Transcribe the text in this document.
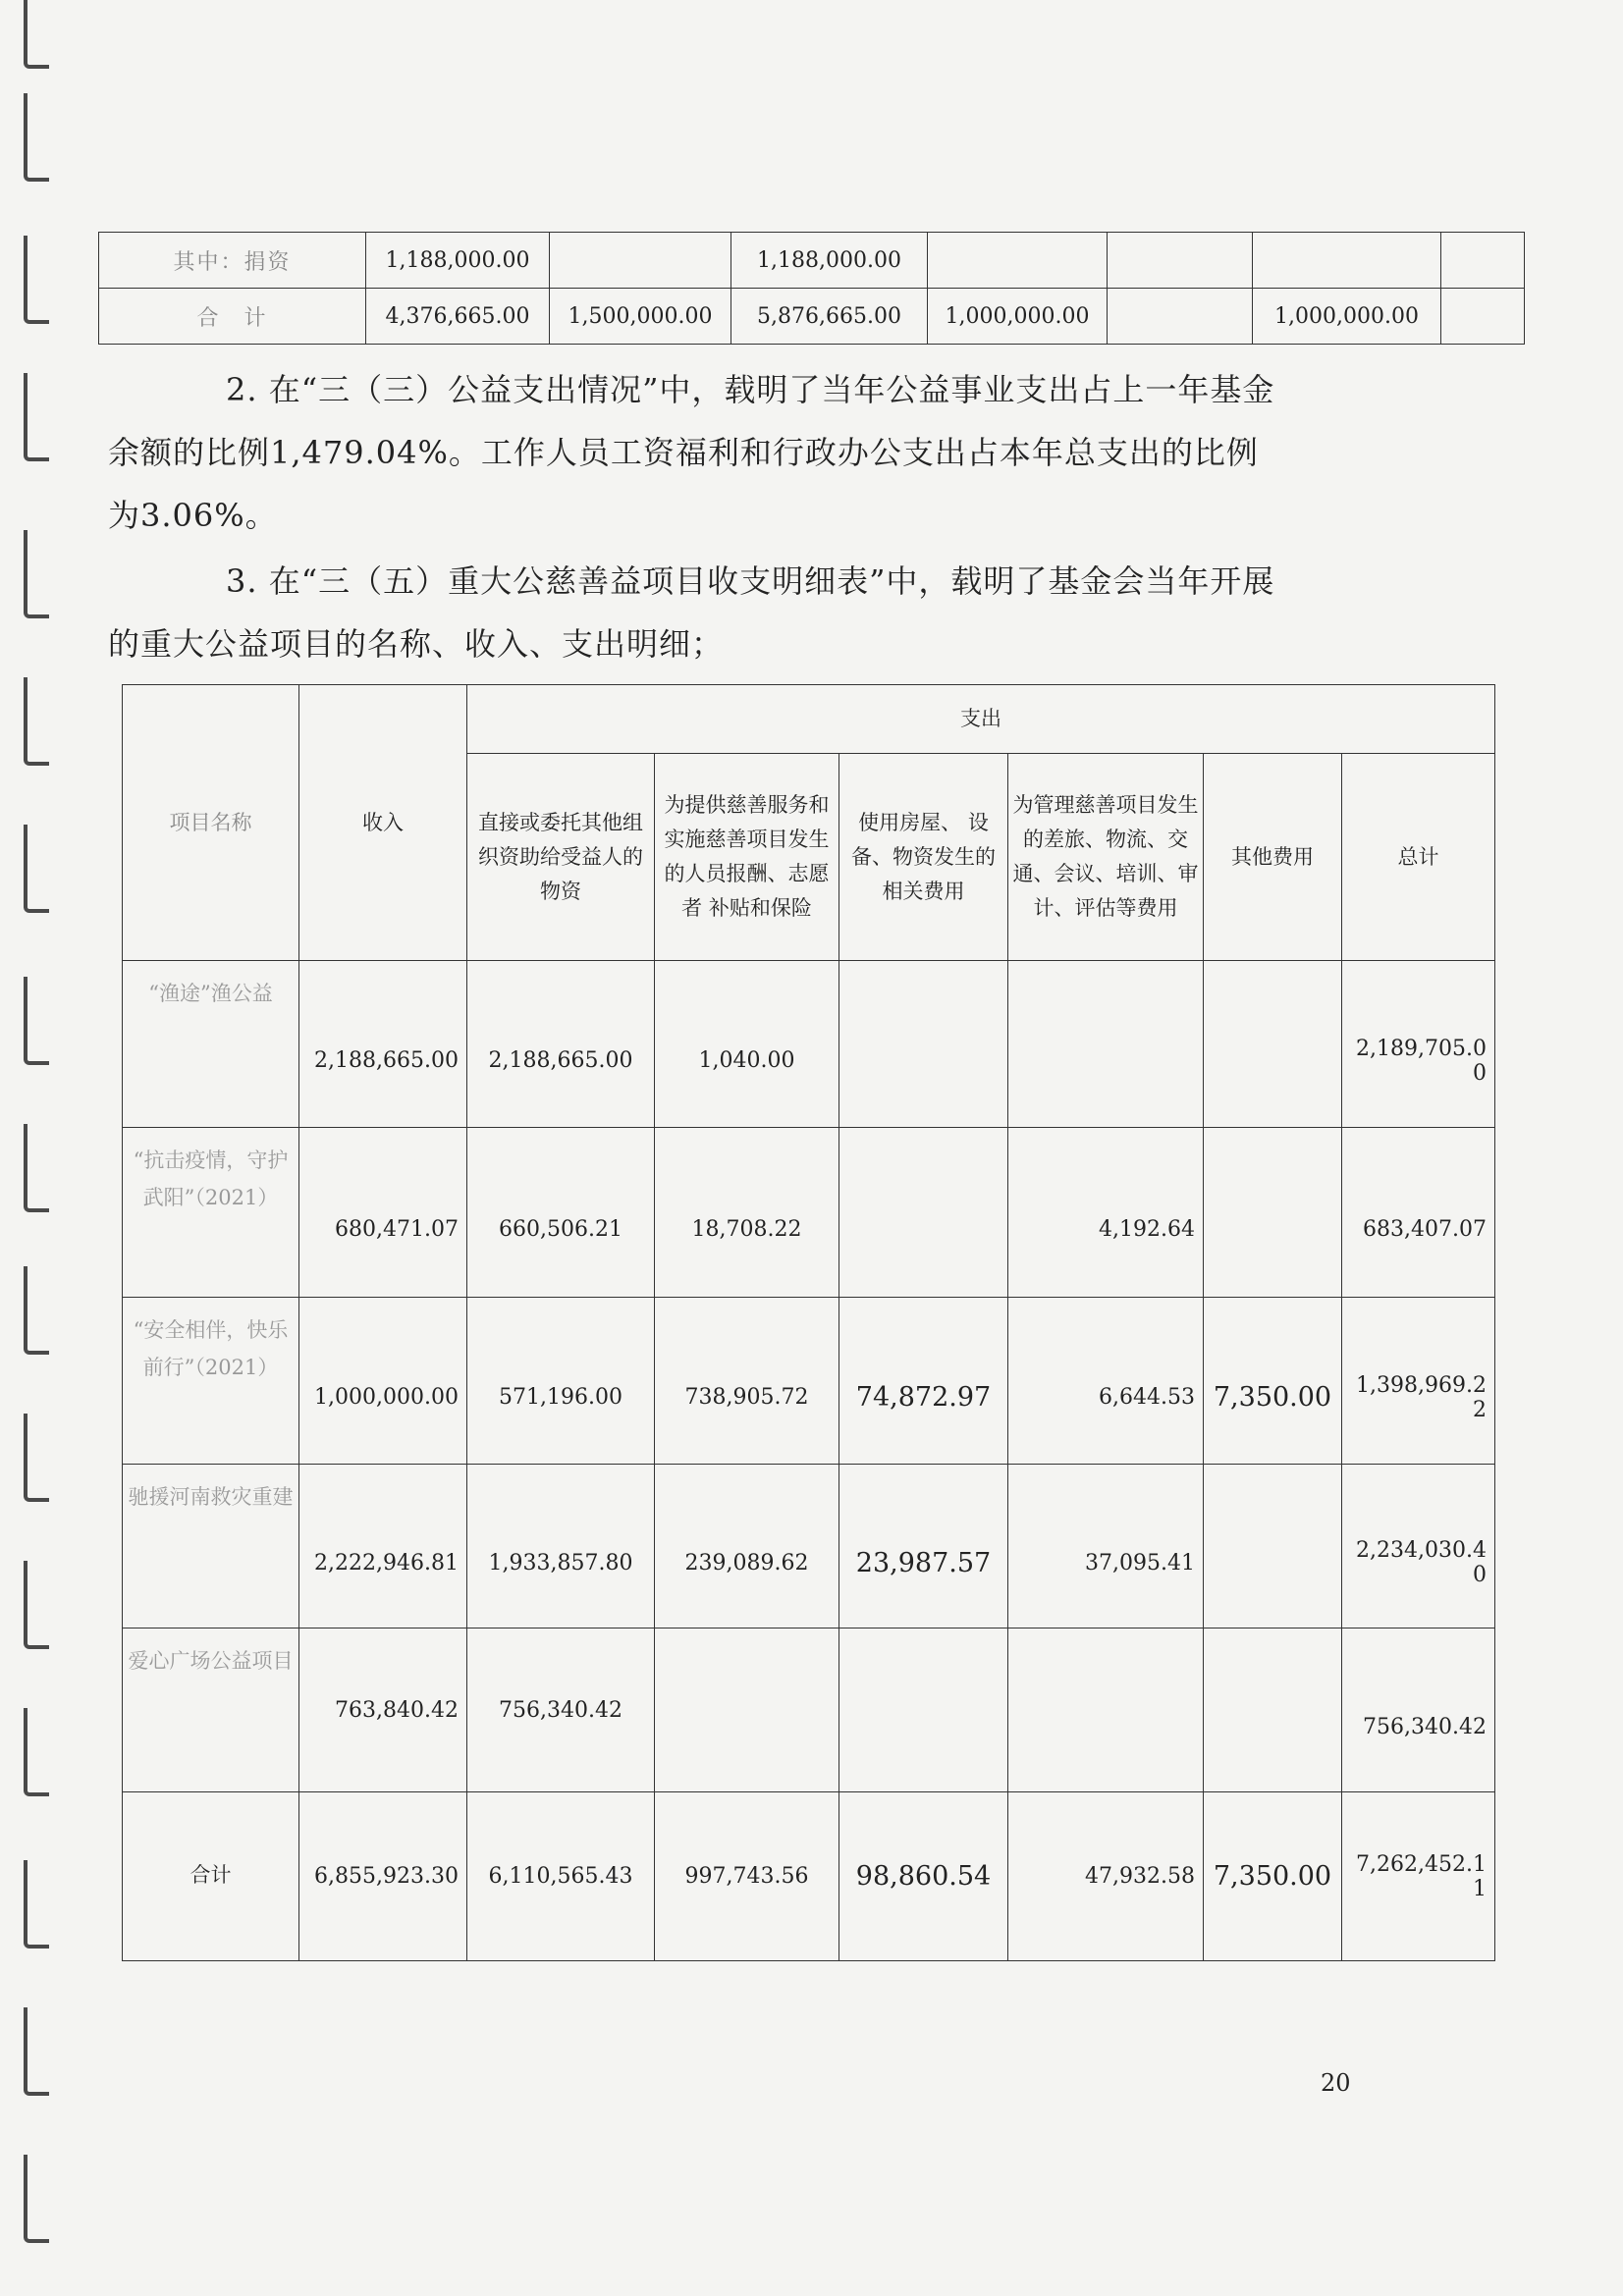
其中：捐资	1,188,000.00		1,188,000.00				
合　计	4,376,665.00	1,500,000.00	5,876,665.00	1,000,000.00		1,000,000.00	

2. 在“三（三）公益支出情况”中，载明了当年公益事业支出占上一年基金
余额的比例1,479.04%。工作人员工资福利和行政办公支出占本年总支出的比例
为3.06%。

3. 在“三（五）重大公慈善益项目收支明细表”中，载明了基金会当年开展
的重大公益项目的名称、收入、支出明细；

项目名称	收入	支出					
		直接或委托其他组织资助给受益人的物资	为提供慈善服务和 实施慈善项目发生 的人员报酬、志愿者 补贴和保险	使用房屋、 设备、物资发生的相关费用	为管理慈善项目发生的差旅、物流、交通、会议、培训、审计、评估等费用	其他费用	总计
“渔途”渔公益	2,188,665.00	2,188,665.00	1,040.00				2,189,705.00
“抗击疫情，守护武阳”（2021）	680,471.07	660,506.21	18,708.22		4,192.64		683,407.07
“安全相伴，快乐前行”（2021）	1,000,000.00	571,196.00	738,905.72	74,872.97	6,644.53	7,350.00	1,398,969.22
驰援河南救灾重建	2,222,946.81	1,933,857.80	239,089.62	23,987.57	37,095.41		2,234,030.40
爱心广场公益项目	763,840.42	756,340.42					756,340.42
合计	6,855,923.30	6,110,565.43	997,743.56	98,860.54	47,932.58	7,350.00	7,262,452.11
20
